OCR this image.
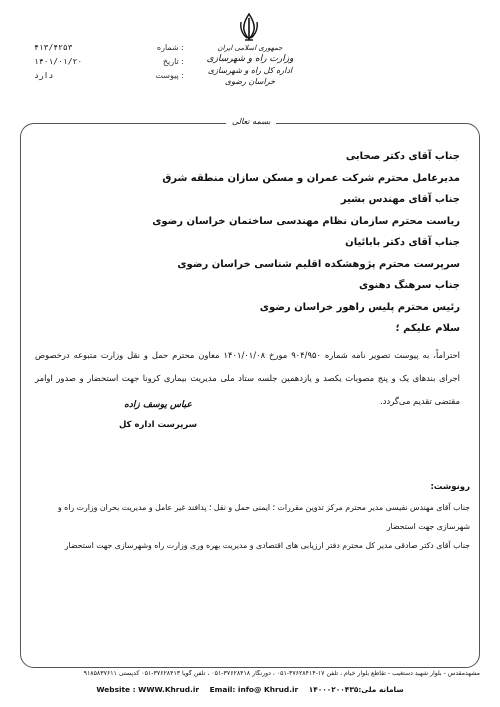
شماره :
۴۱۳/۴۲۵۳
تاریخ :
۱۴۰۱/۰۱/۲۰
پیوست :
دارد
جمهوری اسلامی ایران
وزارت راه و شهرسازی
اداره کل راه و شهرسازی خراسان رضوی
بسمه تعالی
جناب آقای دکتر صحابی
مدیرعامل محترم شرکت عمران و مسکن سازان منطقه شرق
جناب آقای مهندس بشیر
ریاست محترم سازمان نظام مهندسی ساختمان خراسان رضوی
جناب آقای دکتر بابائیان
سرپرست محترم پژوهشکده اقلیم شناسی خراسان رضوی
جناب سرهنگ دهنوی
رئیس محترم پلیس راهور خراسان رضوی
سلام علیکم ؛
احتراماً، به پیوست تصویر نامه شماره ۹۰۴/۹۵۰ مورخ ۱۴۰۱/۰۱/۰۸ معاون محترم حمل و نقل وزارت متبوعه درخصوص اجرای بندهای یک و پنج مصوبات یکصد و یازدهمین جلسه ستاد ملی مدیریت بیماری کرونا جهت استحضار و صدور اوامر مقتضی تقدیم می‌گردد.
عباس یوسف زاده
سرپرست اداره کل
رونوشت:
جناب آقای مهندس نفیسی مدیر محترم مرکز تدوین مقررات ؛ ایمنی حمل و نقل ؛ پدافند غیر عامل و مدیریت بحران وزارت راه و شهرسازی جهت استحضار
جناب آقای دکتر صادقی مدیر کل محترم دفتر ارزیابی های اقتصادی و مدیریت بهره وری وزارت راه وشهرسازی جهت استحضار
مشهدمقدس - بلوار شهید دستغیب - تقاطع بلوار خیام ، تلفن ۱۷-۳۷۶۲۸۴۱۴-۰۵۱ ، دورنگار ۳۷۶۲۸۴۱۸-۰۵۱ ، تلفن گویا ۳۷۶۲۸۴۱۳-۰۵۱ کدپستی ۹۱۸۵۸۳۷۶۱۱
Website : WWW.Khrud.ir Email: info@ Khrud.ir سامانه ملی:۱۴۰۰۰۲۰۰۴۳۵
